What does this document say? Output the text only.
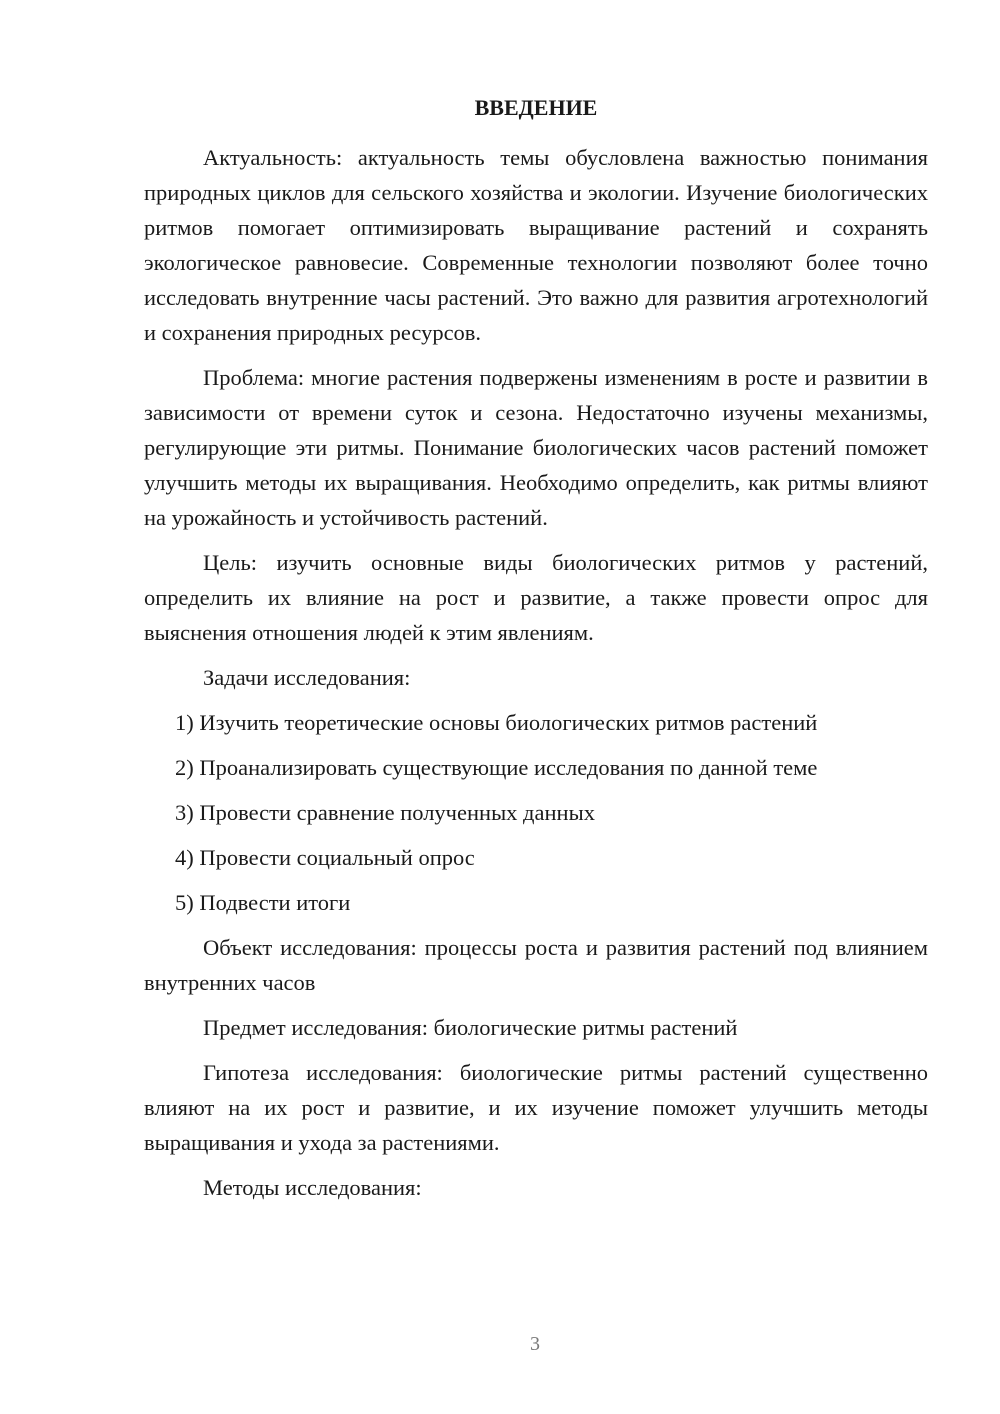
ВВЕДЕНИЕ

Актуальность: актуальность темы обусловлена важностью понимания природных циклов для сельского хозяйства и экологии. Изучение биологических ритмов помогает оптимизировать выращивание растений и сохранять экологическое равновесие. Современные технологии позволяют более точно исследовать внутренние часы растений. Это важно для развития агротехнологий и сохранения природных ресурсов.

Проблема: многие растения подвержены изменениям в росте и развитии в зависимости от времени суток и сезона. Недостаточно изучены механизмы, регулирующие эти ритмы. Понимание биологических часов растений поможет улучшить методы их выращивания. Необходимо определить, как ритмы влияют на урожайность и устойчивость растений.

Цель: изучить основные виды биологических ритмов у растений, определить их влияние на рост и развитие, а также провести опрос для выяснения отношения людей к этим явлениям.

Задачи исследования:

1) Изучить теоретические основы биологических ритмов растений
2) Проанализировать существующие исследования по данной теме
3) Провести сравнение полученных данных
4) Провести социальный опрос
5) Подвести итоги

Объект исследования: процессы роста и развития растений под влиянием внутренних часов

Предмет исследования: биологические ритмы растений

Гипотеза исследования: биологические ритмы растений существенно влияют на их рост и развитие, и их изучение поможет улучшить методы выращивания и ухода за растениями.

Методы исследования:

3
